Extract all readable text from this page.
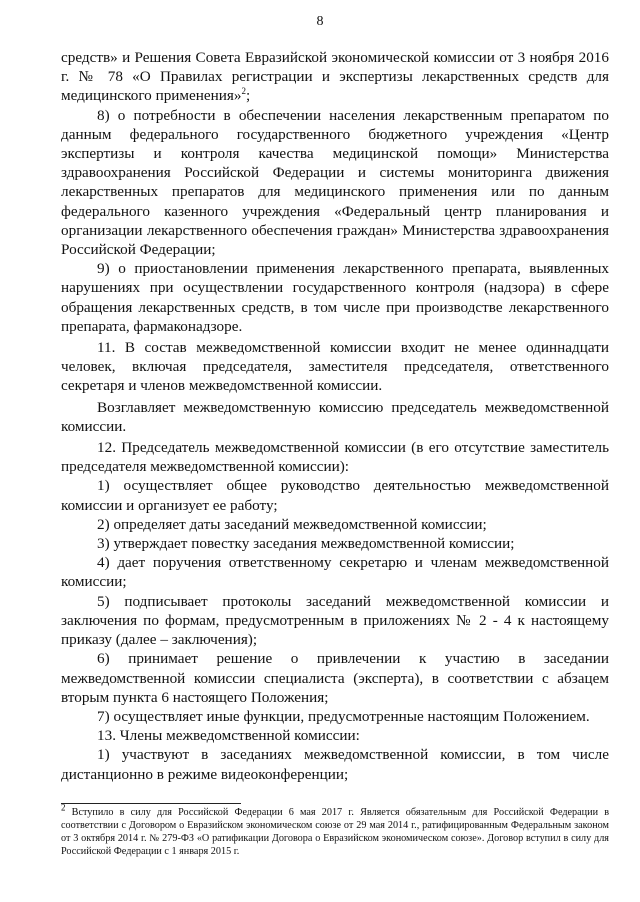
8

средств» и Решения Совета Евразийской экономической комиссии от 3 ноября 2016 г. № 78 «О Правилах регистрации и экспертизы лекарственных средств для медицинского применения»$^2$;

8) о потребности в обеспечении населения лекарственным препаратом по данным федерального государственного бюджетного учреждения «Центр экспертизы и контроля качества медицинской помощи» Министерства здравоохранения Российской Федерации и системы мониторинга движения лекарственных препаратов для медицинского применения или по данным федерального казенного учреждения «Федеральный центр планирования и организации лекарственного обеспечения граждан» Министерства здравоохранения Российской Федерации;

9) о приостановлении применения лекарственного препарата, выявленных нарушениях при осуществлении государственного контроля (надзора) в сфере обращения лекарственных средств, в том числе при производстве лекарственного препарата, фармаконадзоре.

11. В состав межведомственной комиссии входит не менее одиннадцати человек, включая председателя, заместителя председателя, ответственного секретаря и членов межведомственной комиссии.

Возглавляет межведомственную комиссию председатель межведомственной комиссии.

12. Председатель межведомственной комиссии (в его отсутствие заместитель председателя межведомственной комиссии):

1) осуществляет общее руководство деятельностью межведомственной комиссии и организует ее работу;

2) определяет даты заседаний межведомственной комиссии;

3) утверждает повестку заседания межведомственной комиссии;

4) дает поручения ответственному секретарю и членам межведомственной комиссии;

5) подписывает протоколы заседаний межведомственной комиссии и заключения по формам, предусмотренным в приложениях № 2 - 4 к настоящему приказу (далее – заключения);

6) принимает решение о привлечении к участию в заседании межведомственной комиссии специалиста (эксперта), в соответствии с абзацем вторым пункта 6 настоящего Положения;

7) осуществляет иные функции, предусмотренные настоящим Положением.

13. Члены межведомственной комиссии:

1) участвуют в заседаниях межведомственной комиссии, в том числе дистанционно в режиме видеоконференции;

$^2$ Вступило в силу для Российской Федерации 6 мая 2017 г. Является обязательным для Российской Федерации в соответствии с Договором о Евразийском экономическом союзе от 29 мая 2014 г., ратифицированным Федеральным законом от 3 октября 2014 г. № 279-ФЗ «О ратификации Договора о Евразийском экономическом союзе». Договор вступил в силу для Российской Федерации с 1 января 2015 г.
